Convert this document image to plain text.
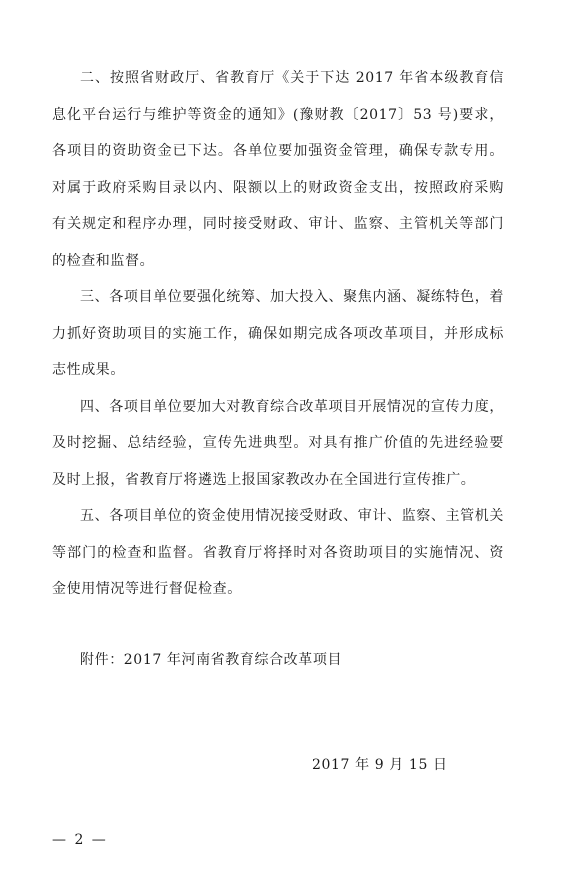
二、按照省财政厅、省教育厅《关于下达 2017 年省本级教育信息化平台运行与维护等资金的通知》(豫财教〔2017〕53 号)要求，各项目的资助资金已下达。各单位要加强资金管理，确保专款专用。对属于政府采购目录以内、限额以上的财政资金支出，按照政府采购有关规定和程序办理，同时接受财政、审计、监察、主管机关等部门的检查和监督。

三、各项目单位要强化统筹、加大投入、聚焦内涵、凝练特色，着力抓好资助项目的实施工作，确保如期完成各项改革项目，并形成标志性成果。

四、各项目单位要加大对教育综合改革项目开展情况的宣传力度，及时挖掘、总结经验，宣传先进典型。对具有推广价值的先进经验要及时上报，省教育厅将遴选上报国家教改办在全国进行宣传推广。

五、各项目单位的资金使用情况接受财政、审计、监察、主管机关等部门的检查和监督。省教育厅将择时对各资助项目的实施情况、资金使用情况等进行督促检查。

附件：2017 年河南省教育综合改革项目
2017 年 9 月 15 日
— 2 —
